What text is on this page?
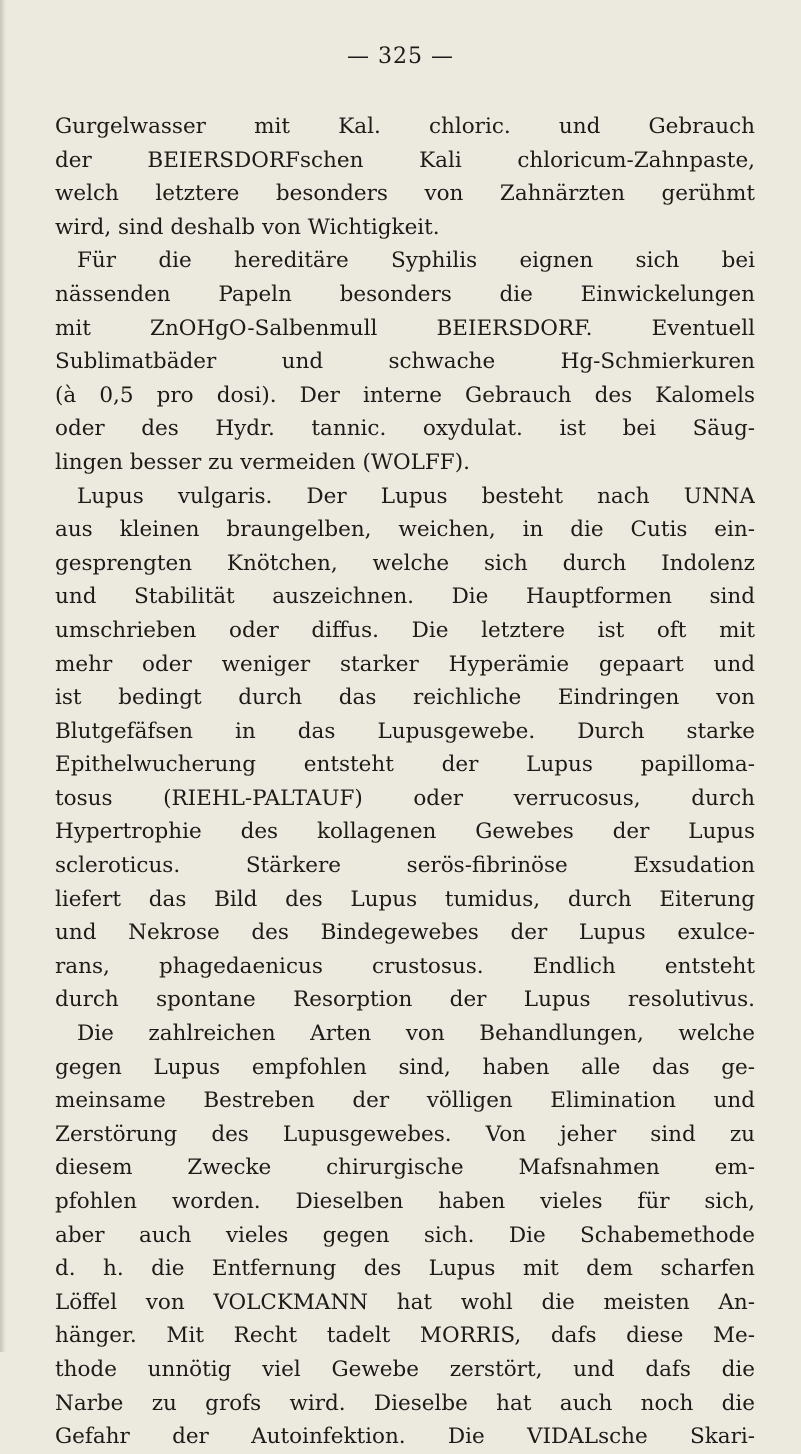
— 325 —
Gurgelwasser mit Kal. chloric. und Gebrauch
der BEIERSDORFschen Kali chloricum-Zahnpaste,
welch letztere besonders von Zahnärzten gerühmt
wird, sind deshalb von Wichtigkeit.
Für die hereditäre Syphilis eignen sich bei
nässenden Papeln besonders die Einwickelungen
mit ZnOHgO-Salbenmull BEIERSDORF. Eventuell
Sublimatbäder und schwache Hg-Schmierkuren
(à 0,5 pro dosi). Der interne Gebrauch des Kalomels
oder des Hydr. tannic. oxydulat. ist bei Säug-
lingen besser zu vermeiden (WOLFF).
Lupus vulgaris. Der Lupus besteht nach UNNA
aus kleinen braungelben, weichen, in die Cutis ein-
gesprengten Knötchen, welche sich durch Indolenz
und Stabilität auszeichnen. Die Hauptformen sind
umschrieben oder diffus. Die letztere ist oft mit
mehr oder weniger starker Hyperämie gepaart und
ist bedingt durch das reichliche Eindringen von
Blutgefäfsen in das Lupusgewebe. Durch starke
Epithelwucherung entsteht der Lupus papilloma-
tosus (RIEHL-PALTAUF) oder verrucosus, durch
Hypertrophie des kollagenen Gewebes der Lupus
scleroticus. Stärkere serös-fibrinöse Exsudation
liefert das Bild des Lupus tumidus, durch Eiterung
und Nekrose des Bindegewebes der Lupus exulce-
rans, phagedaenicus crustosus. Endlich entsteht
durch spontane Resorption der Lupus resolutivus.
Die zahlreichen Arten von Behandlungen, welche
gegen Lupus empfohlen sind, haben alle das ge-
meinsame Bestreben der völligen Elimination und
Zerstörung des Lupusgewebes. Von jeher sind zu
diesem Zwecke chirurgische Mafsnahmen em-
pfohlen worden. Dieselben haben vieles für sich,
aber auch vieles gegen sich. Die Schabemethode
d. h. die Entfernung des Lupus mit dem scharfen
Löffel von VOLCKMANN hat wohl die meisten An-
hänger. Mit Recht tadelt MORRIS, dafs diese Me-
thode unnötig viel Gewebe zerstört, und dafs die
Narbe zu grofs wird. Dieselbe hat auch noch die
Gefahr der Autoinfektion. Die VIDALsche Skari-
